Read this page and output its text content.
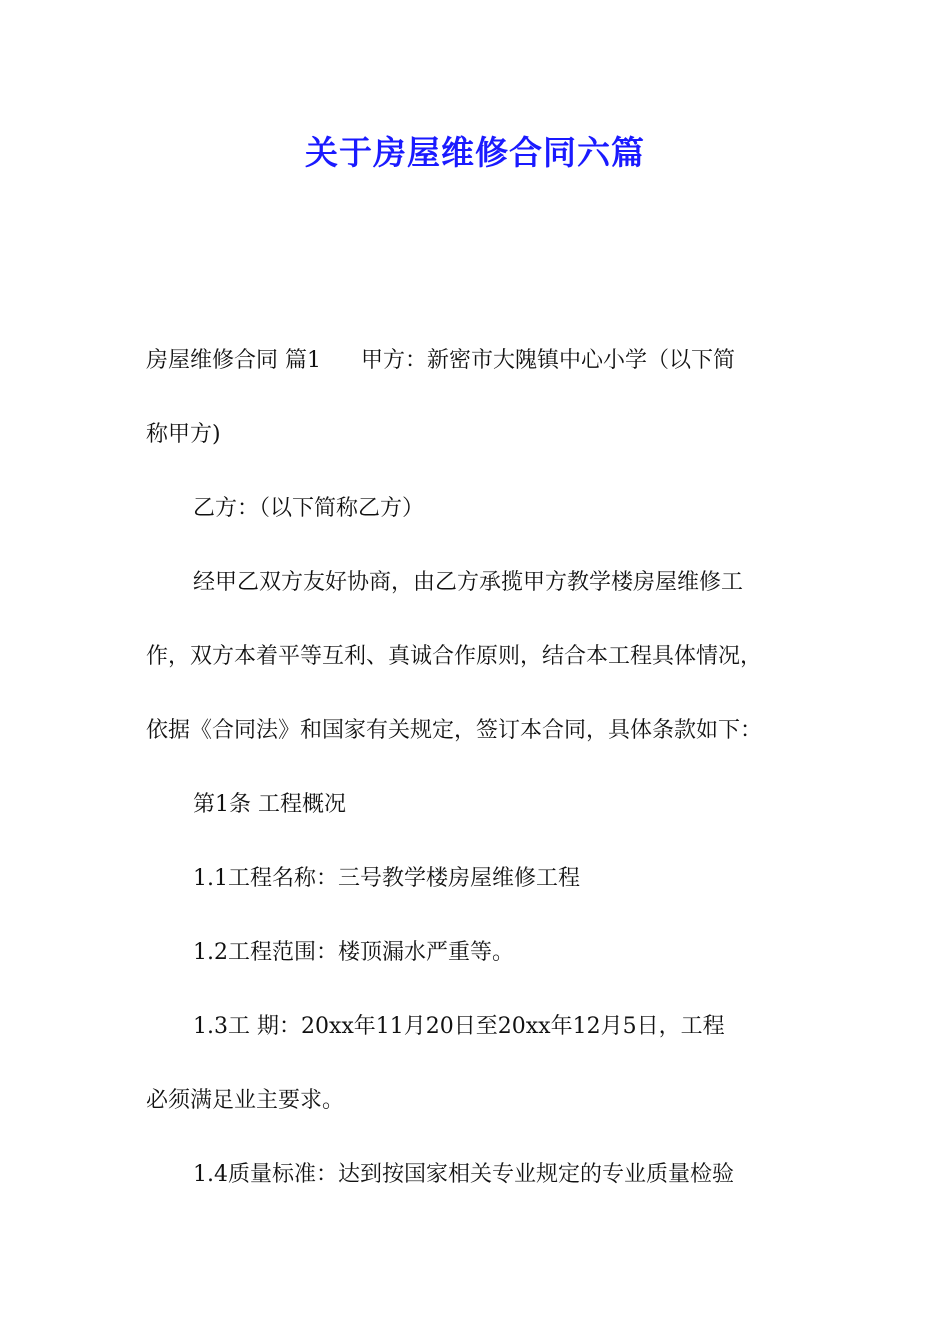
关于房屋维修合同六篇
房屋维修合同 篇1 甲方：新密市大隗镇中心小学（以下简
称甲方)
乙方：（以下简称乙方）
经甲乙双方友好协商，由乙方承揽甲方教学楼房屋维修工
作，双方本着平等互利、真诚合作原则，结合本工程具体情况，
依据《合同法》和国家有关规定，签订本合同，具体条款如下：
第1条 工程概况
1.1工程名称：三号教学楼房屋维修工程
1.2工程范围：楼顶漏水严重等。
1.3工 期：20xx年11月20日至20xx年12月5日，工程
必须满足业主要求。
1.4质量标准：达到按国家相关专业规定的专业质量检验
